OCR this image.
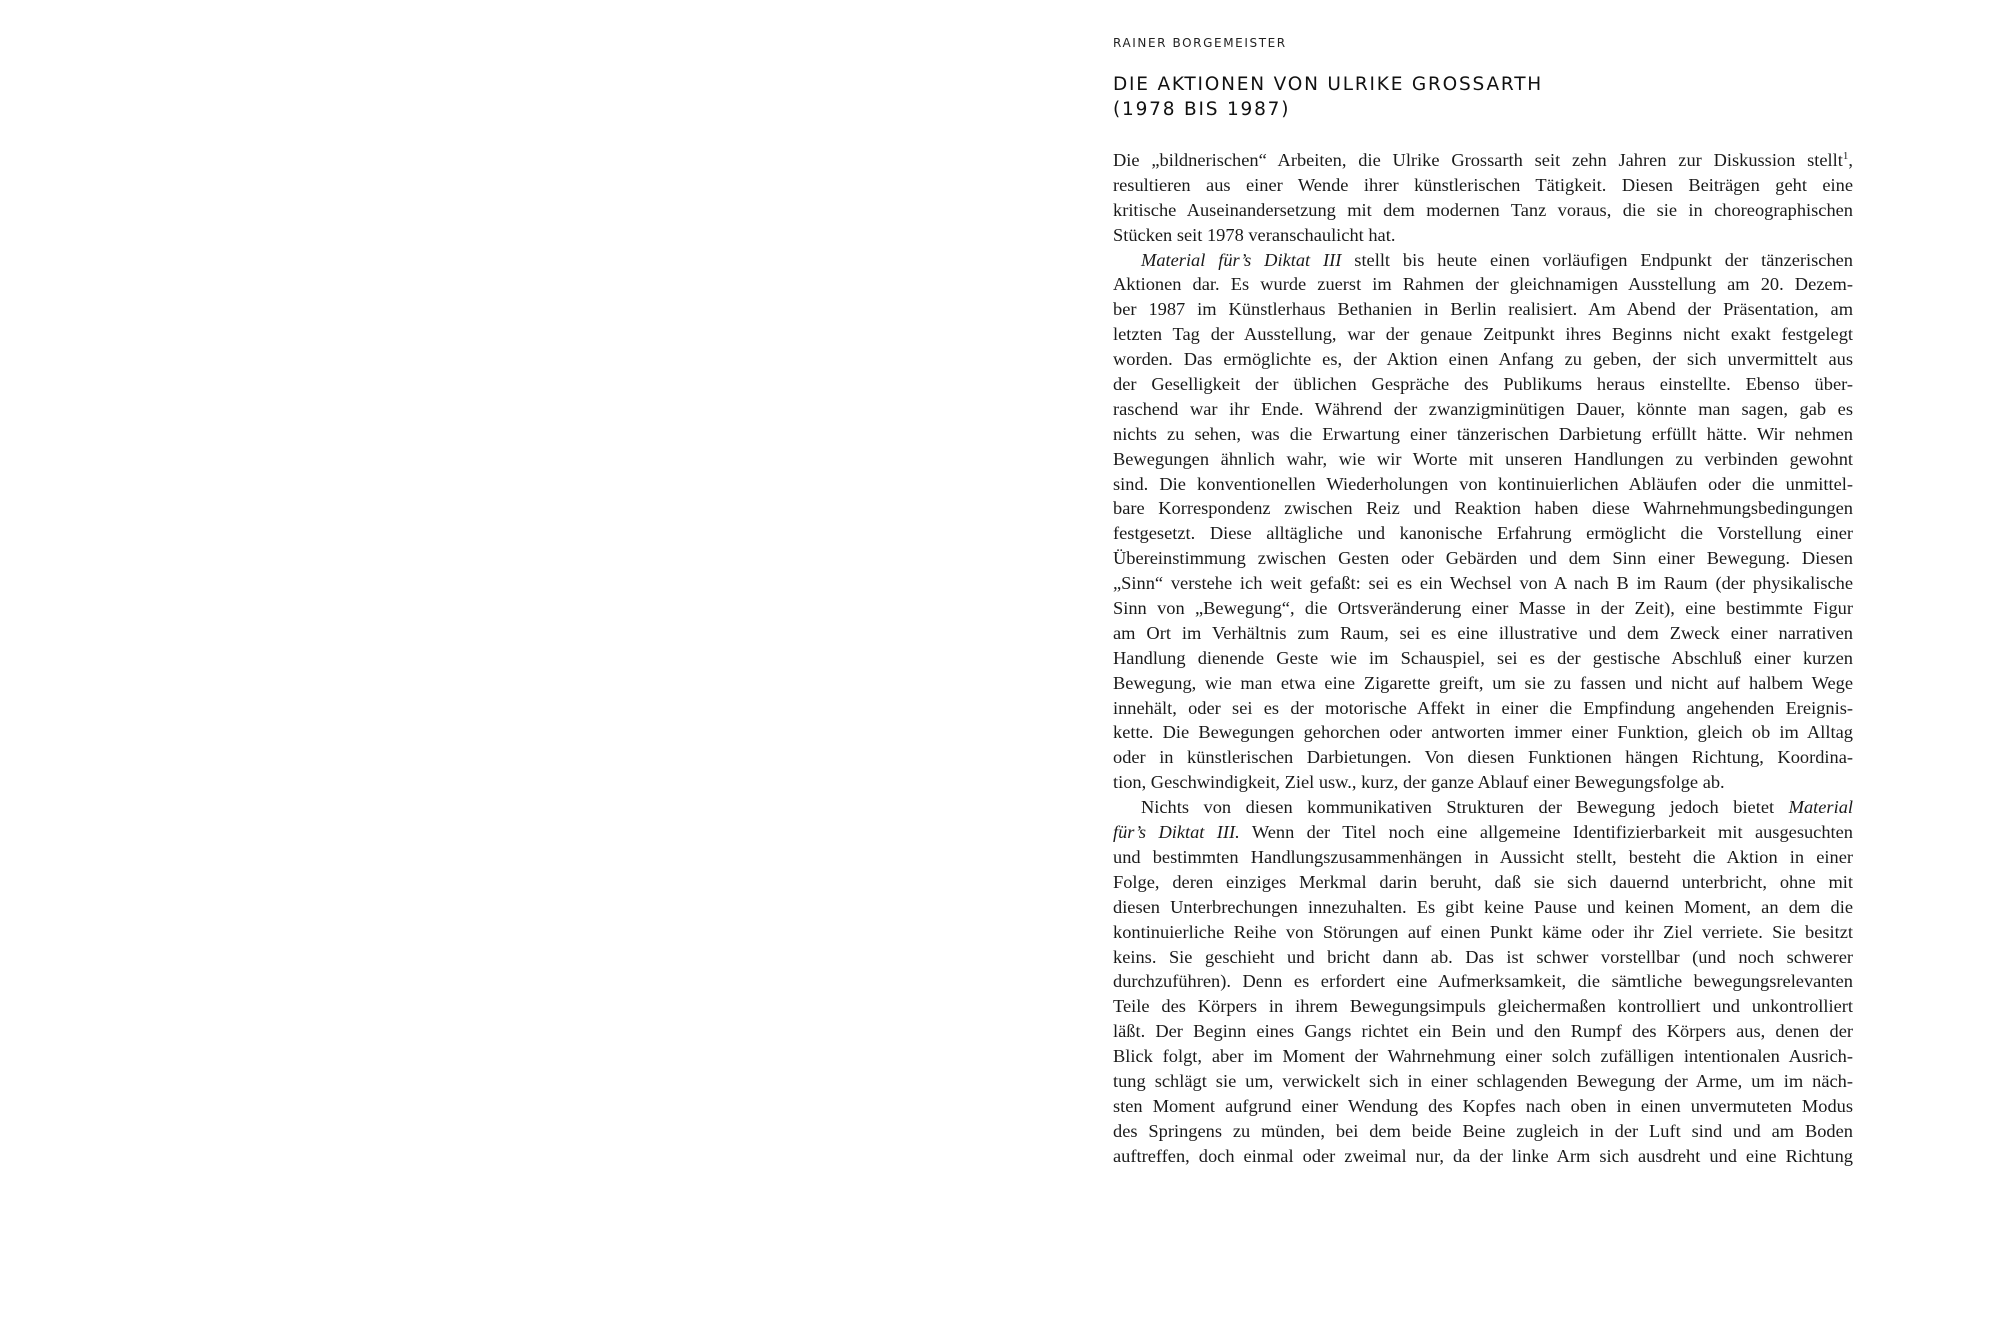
RAINER BORGEMEISTER
DIE AKTIONEN VON ULRIKE GROSSARTH
(1978 BIS 1987)
Die „bildnerischen“ Arbeiten, die Ulrike Grossarth seit zehn Jahren zur Diskussion stellt$^1$,
resultieren aus einer Wende ihrer künstlerischen Tätigkeit. Diesen Beiträgen geht eine
kritische Auseinandersetzung mit dem modernen Tanz voraus, die sie in choreographischen
Stücken seit 1978 veranschaulicht hat.
Material für’s Diktat III stellt bis heute einen vorläufigen Endpunkt der tänzerischen
Aktionen dar. Es wurde zuerst im Rahmen der gleichnamigen Ausstellung am 20. Dezem-
ber 1987 im Künstlerhaus Bethanien in Berlin realisiert. Am Abend der Präsentation, am
letzten Tag der Ausstellung, war der genaue Zeitpunkt ihres Beginns nicht exakt festgelegt
worden. Das ermöglichte es, der Aktion einen Anfang zu geben, der sich unvermittelt aus
der Geselligkeit der üblichen Gespräche des Publikums heraus einstellte. Ebenso über-
raschend war ihr Ende. Während der zwanzigminütigen Dauer, könnte man sagen, gab es
nichts zu sehen, was die Erwartung einer tänzerischen Darbietung erfüllt hätte. Wir nehmen
Bewegungen ähnlich wahr, wie wir Worte mit unseren Handlungen zu verbinden gewohnt
sind. Die konventionellen Wiederholungen von kontinuierlichen Abläufen oder die unmittel-
bare Korrespondenz zwischen Reiz und Reaktion haben diese Wahrnehmungsbedingungen
festgesetzt. Diese alltägliche und kanonische Erfahrung ermöglicht die Vorstellung einer
Übereinstimmung zwischen Gesten oder Gebärden und dem Sinn einer Bewegung. Diesen
„Sinn“ verstehe ich weit gefaßt: sei es ein Wechsel von A nach B im Raum (der physikalische
Sinn von „Bewegung“, die Ortsveränderung einer Masse in der Zeit), eine bestimmte Figur
am Ort im Verhältnis zum Raum, sei es eine illustrative und dem Zweck einer narrativen
Handlung dienende Geste wie im Schauspiel, sei es der gestische Abschluß einer kurzen
Bewegung, wie man etwa eine Zigarette greift, um sie zu fassen und nicht auf halbem Wege
innehält, oder sei es der motorische Affekt in einer die Empfindung angehenden Ereignis-
kette. Die Bewegungen gehorchen oder antworten immer einer Funktion, gleich ob im Alltag
oder in künstlerischen Darbietungen. Von diesen Funktionen hängen Richtung, Koordina-
tion, Geschwindigkeit, Ziel usw., kurz, der ganze Ablauf einer Bewegungsfolge ab.
Nichts von diesen kommunikativen Strukturen der Bewegung jedoch bietet Material
für’s Diktat III. Wenn der Titel noch eine allgemeine Identifizierbarkeit mit ausgesuchten
und bestimmten Handlungszusammenhängen in Aussicht stellt, besteht die Aktion in einer
Folge, deren einziges Merkmal darin beruht, daß sie sich dauernd unterbricht, ohne mit
diesen Unterbrechungen innezuhalten. Es gibt keine Pause und keinen Moment, an dem die
kontinuierliche Reihe von Störungen auf einen Punkt käme oder ihr Ziel verriete. Sie besitzt
keins. Sie geschieht und bricht dann ab. Das ist schwer vorstellbar (und noch schwerer
durchzuführen). Denn es erfordert eine Aufmerksamkeit, die sämtliche bewegungsrelevanten
Teile des Körpers in ihrem Bewegungsimpuls gleichermaßen kontrolliert und unkontrolliert
läßt. Der Beginn eines Gangs richtet ein Bein und den Rumpf des Körpers aus, denen der
Blick folgt, aber im Moment der Wahrnehmung einer solch zufälligen intentionalen Ausrich-
tung schlägt sie um, verwickelt sich in einer schlagenden Bewegung der Arme, um im näch-
sten Moment aufgrund einer Wendung des Kopfes nach oben in einen unvermuteten Modus
des Springens zu münden, bei dem beide Beine zugleich in der Luft sind und am Boden
auftreffen, doch einmal oder zweimal nur, da der linke Arm sich ausdreht und eine Richtung
